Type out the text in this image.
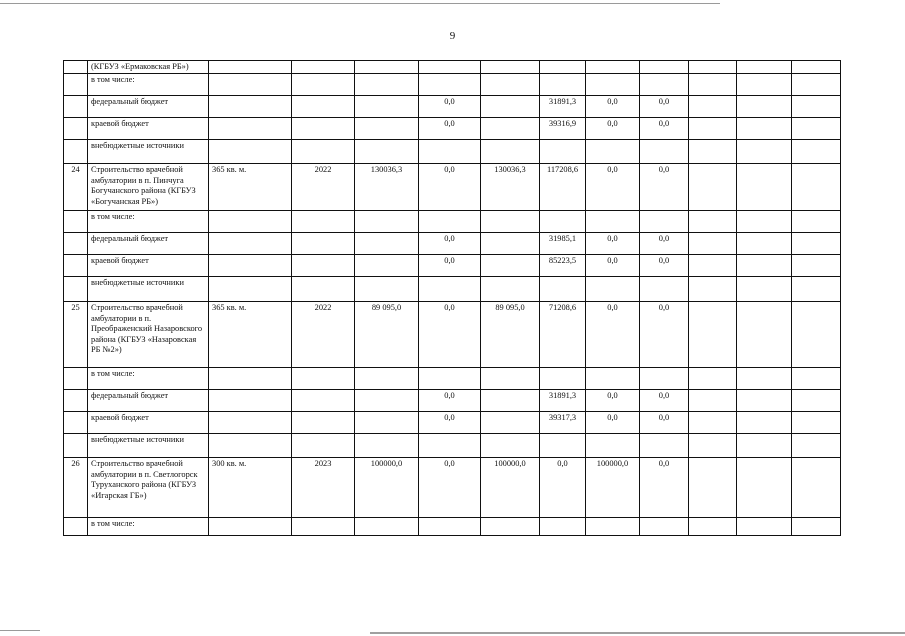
9
	(КГБУЗ «Ермаковская РБ»)											
	в том числе:											
	федеральный бюджет				0,0		31891,3	0,0	0,0			
	краевой бюджет				0,0		39316,9	0,0	0,0			
	внебюджетные источники											
24	Строительство врачебной амбулатории в п. Пинчуга Богучанского района (КГБУЗ «Богучанская РБ»)	365 кв. м.	2022	130036,3	0,0	130036,3	117208,6	0,0	0,0			
	в том числе:											
	федеральный бюджет				0,0		31985,1	0,0	0,0			
	краевой бюджет				0,0		85223,5	0,0	0,0			
	внебюджетные источники											
25	Строительство врачебной амбулатории в п. Преображенский Назаровского района (КГБУЗ «Назаровская РБ №2»)	365 кв. м.	2022	89 095,0	0,0	89 095,0	71208,6	0,0	0,0			
	в том числе:											
	федеральный бюджет				0,0		31891,3	0,0	0,0			
	краевой бюджет				0,0		39317,3	0,0	0,0			
	внебюджетные источники											
26	Строительство врачебной амбулатории в п. Светлогорск Туруханского района (КГБУЗ «Игарская ГБ»)	300 кв. м.	2023	100000,0	0,0	100000,0	0,0	100000,0	0,0			
	в том числе:											
